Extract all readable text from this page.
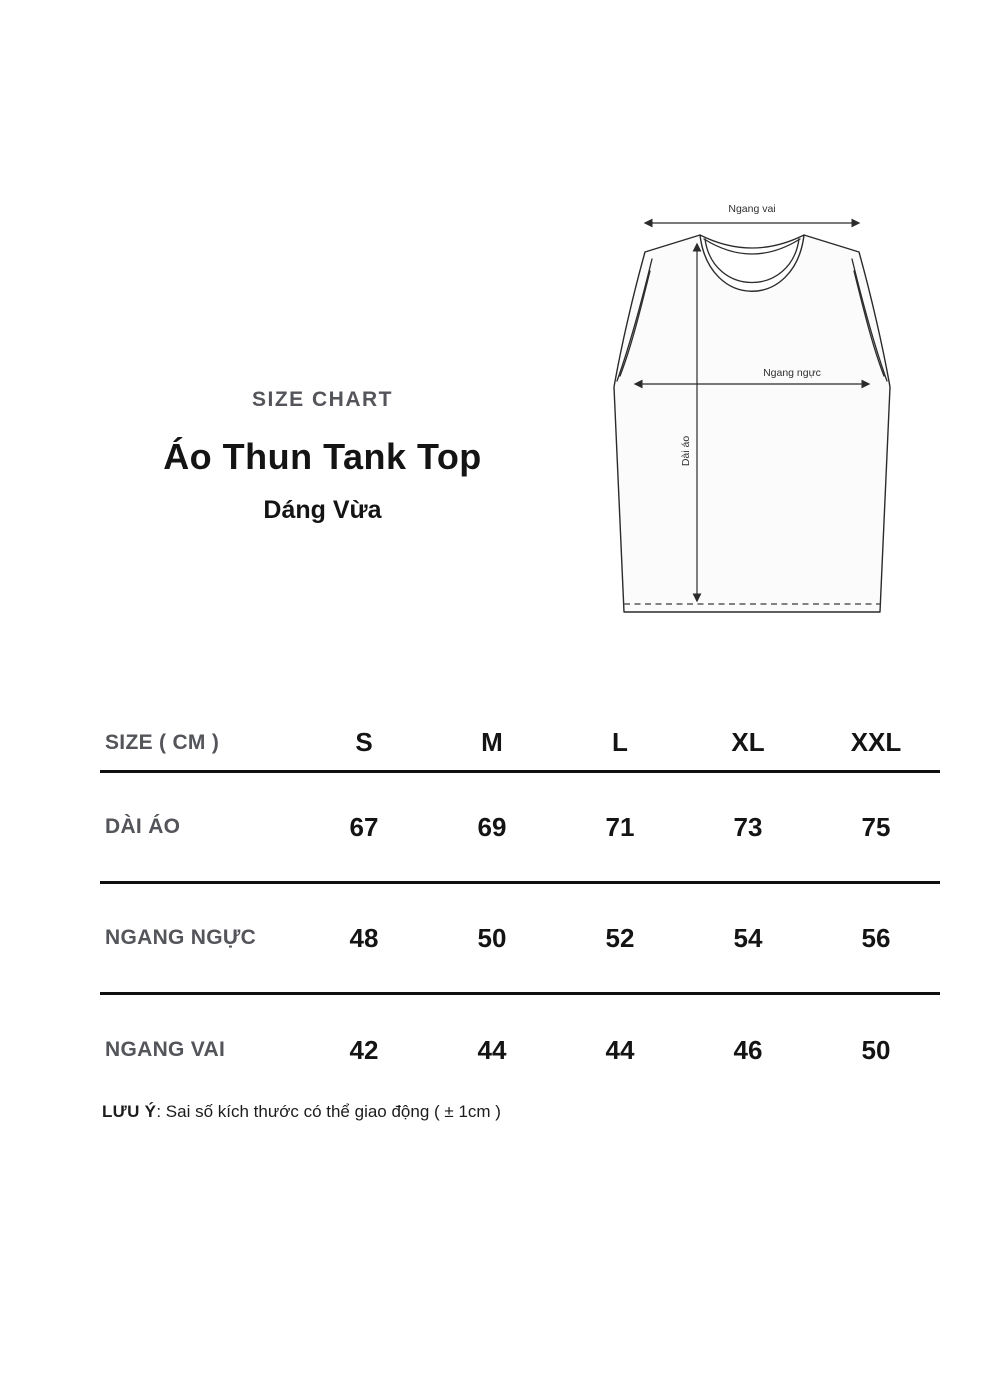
SIZE CHART
Áo Thun Tank Top
Dáng Vừa
Ngang vai
Ngang ngực
Dài áo
SIZE ( CM )	S	M	L	XL	XXL
DÀI ÁO	67	69	71	73	75
NGANG NGỰC	48	50	52	54	56
NGANG VAI	42	44	44	46	50

LƯU Ý: Sai số kích thước có thể giao động ( ± 1cm )
